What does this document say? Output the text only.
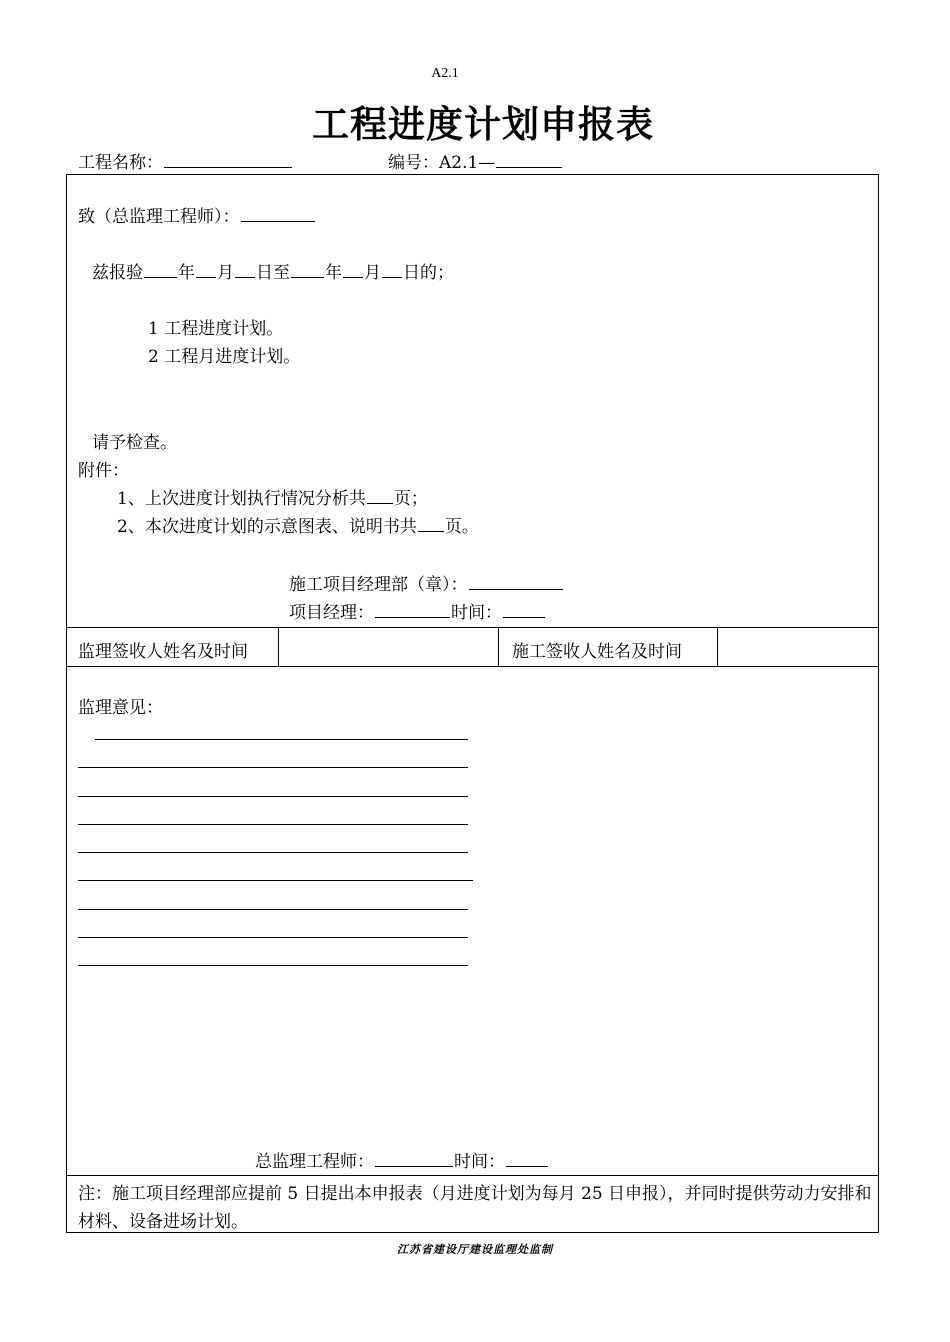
A2.1
工程进度计划申报表
工程名称：	编号：A2.1—
致（总监理工程师）：
兹报验 年 月 日至 年 月 日的；
1 工程进度计划。
2 工程月进度计划。
请予检查。
附件：
1、上次进度计划执行情况分析共 页；
2、本次进度计划的示意图表、说明书共 页。
施工项目经理部（章）：
项目经理：	时间：
监理签收人姓名及时间	施工签收人姓名及时间
监理意见：
总监理工程师：	时间：
注：施工项目经理部应提前 5 日提出本申报表（月进度计划为每月 25 日申报），并同时提供劳动力安排和材料、设备进场计划。
江苏省建设厅建设监理处监制
